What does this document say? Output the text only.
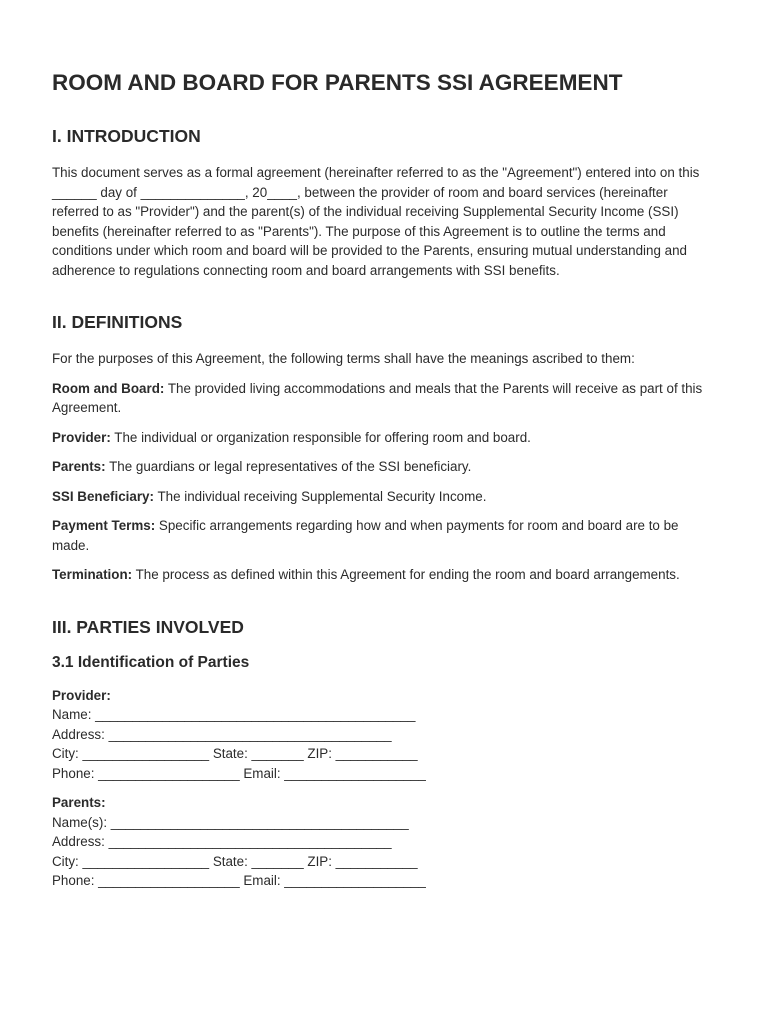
ROOM AND BOARD FOR PARENTS SSI AGREEMENT
I. INTRODUCTION

This document serves as a formal agreement (hereinafter referred to as the "Agreement") entered into on this ______ day of ______________, 20____, between the provider of room and board services (hereinafter referred to as "Provider") and the parent(s) of the individual receiving Supplemental Security Income (SSI) benefits (hereinafter referred to as "Parents"). The purpose of this Agreement is to outline the terms and conditions under which room and board will be provided to the Parents, ensuring mutual understanding and adherence to regulations connecting room and board arrangements with SSI benefits.

II. DEFINITIONS

For the purposes of this Agreement, the following terms shall have the meanings ascribed to them:

Room and Board: The provided living accommodations and meals that the Parents will receive as part of this Agreement.

Provider: The individual or organization responsible for offering room and board.

Parents: The guardians or legal representatives of the SSI beneficiary.

SSI Beneficiary: The individual receiving Supplemental Security Income.

Payment Terms: Specific arrangements regarding how and when payments for room and board are to be made.

Termination: The process as defined within this Agreement for ending the room and board arrangements.

III. PARTIES INVOLVED
3.1 Identification of Parties
Provider:
Name: ___________________________________________
Address: ______________________________________
City: _________________ State: _______ ZIP: ___________
Phone: ___________________ Email: ___________________
Parents:
Name(s): ________________________________________
Address: ______________________________________
City: _________________ State: _______ ZIP: ___________
Phone: ___________________ Email: ___________________
